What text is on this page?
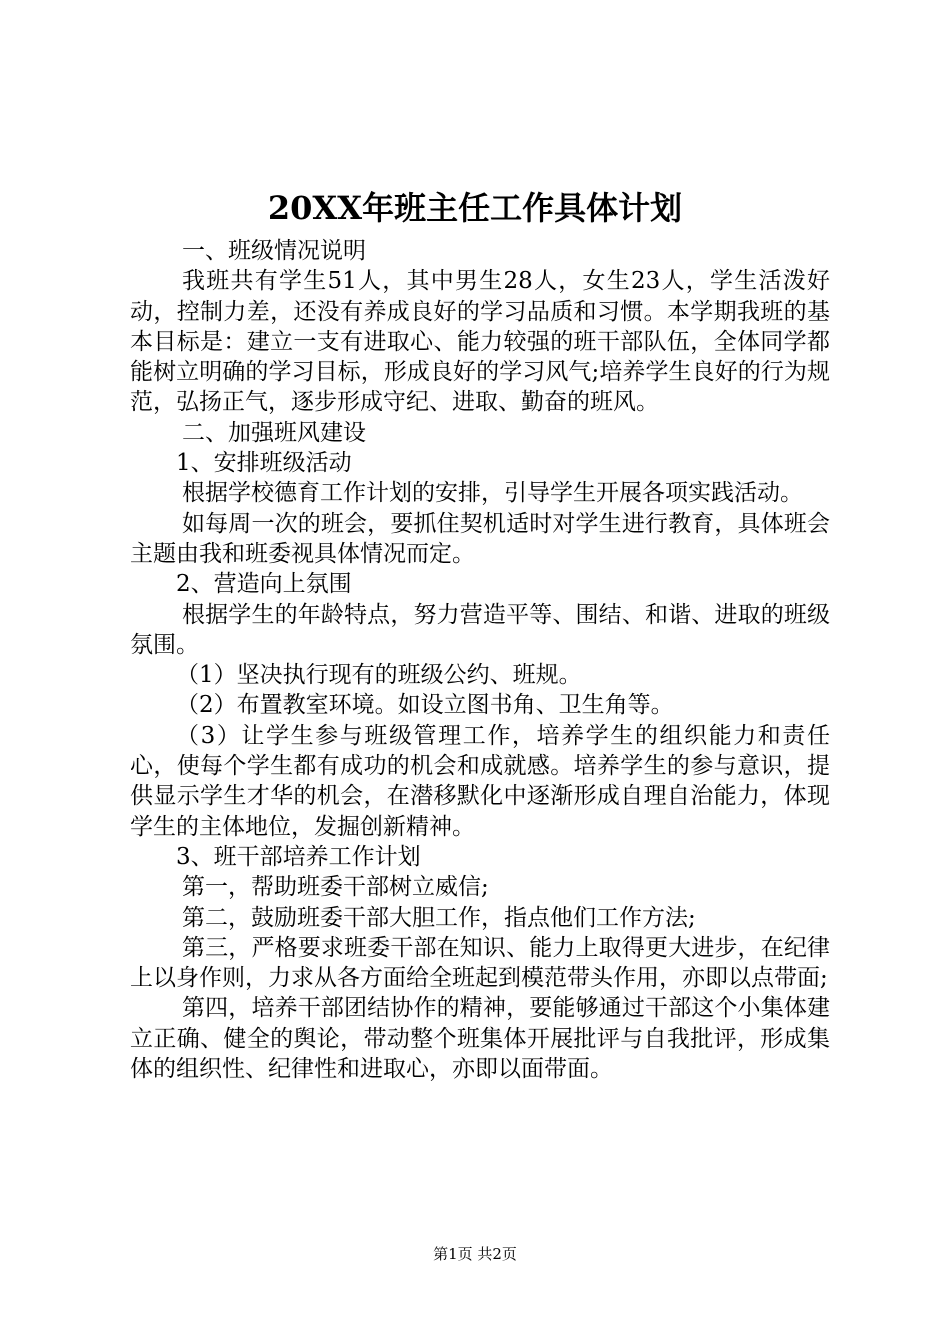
20XX年班主任工作具体计划

一、班级情况说明

我班共有学生51人，其中男生28人，女生23人，学生活泼好动，控制力差，还没有养成良好的学习品质和习惯。本学期我班的基本目标是：建立一支有进取心、能力较强的班干部队伍，全体同学都能树立明确的学习目标，形成良好的学习风气;培养学生良好的行为规范，弘扬正气，逐步形成守纪、进取、勤奋的班风。

二、加强班风建设

1、安排班级活动

根据学校德育工作计划的安排，引导学生开展各项实践活动。

如每周一次的班会，要抓住契机适时对学生进行教育，具体班会主题由我和班委视具体情况而定。

2、营造向上氛围

根据学生的年龄特点，努力营造平等、围结、和谐、进取的班级氛围。

（1）坚决执行现有的班级公约、班规。

（2）布置教室环境。如设立图书角、卫生角等。

（3）让学生参与班级管理工作，培养学生的组织能力和责任心，使每个学生都有成功的机会和成就感。培养学生的参与意识，提供显示学生才华的机会，在潜移默化中逐渐形成自理自治能力，体现学生的主体地位，发掘创新精神。

3、班干部培养工作计划

第一，帮助班委干部树立威信;

第二，鼓励班委干部大胆工作，指点他们工作方法;

第三，严格要求班委干部在知识、能力上取得更大进步，在纪律上以身作则，力求从各方面给全班起到模范带头作用，亦即以点带面;

第四，培养干部团结协作的精神，要能够通过干部这个小集体建立正确、健全的舆论，带动整个班集体开展批评与自我批评，形成集体的组织性、纪律性和进取心，亦即以面带面。

第1页 共2页
